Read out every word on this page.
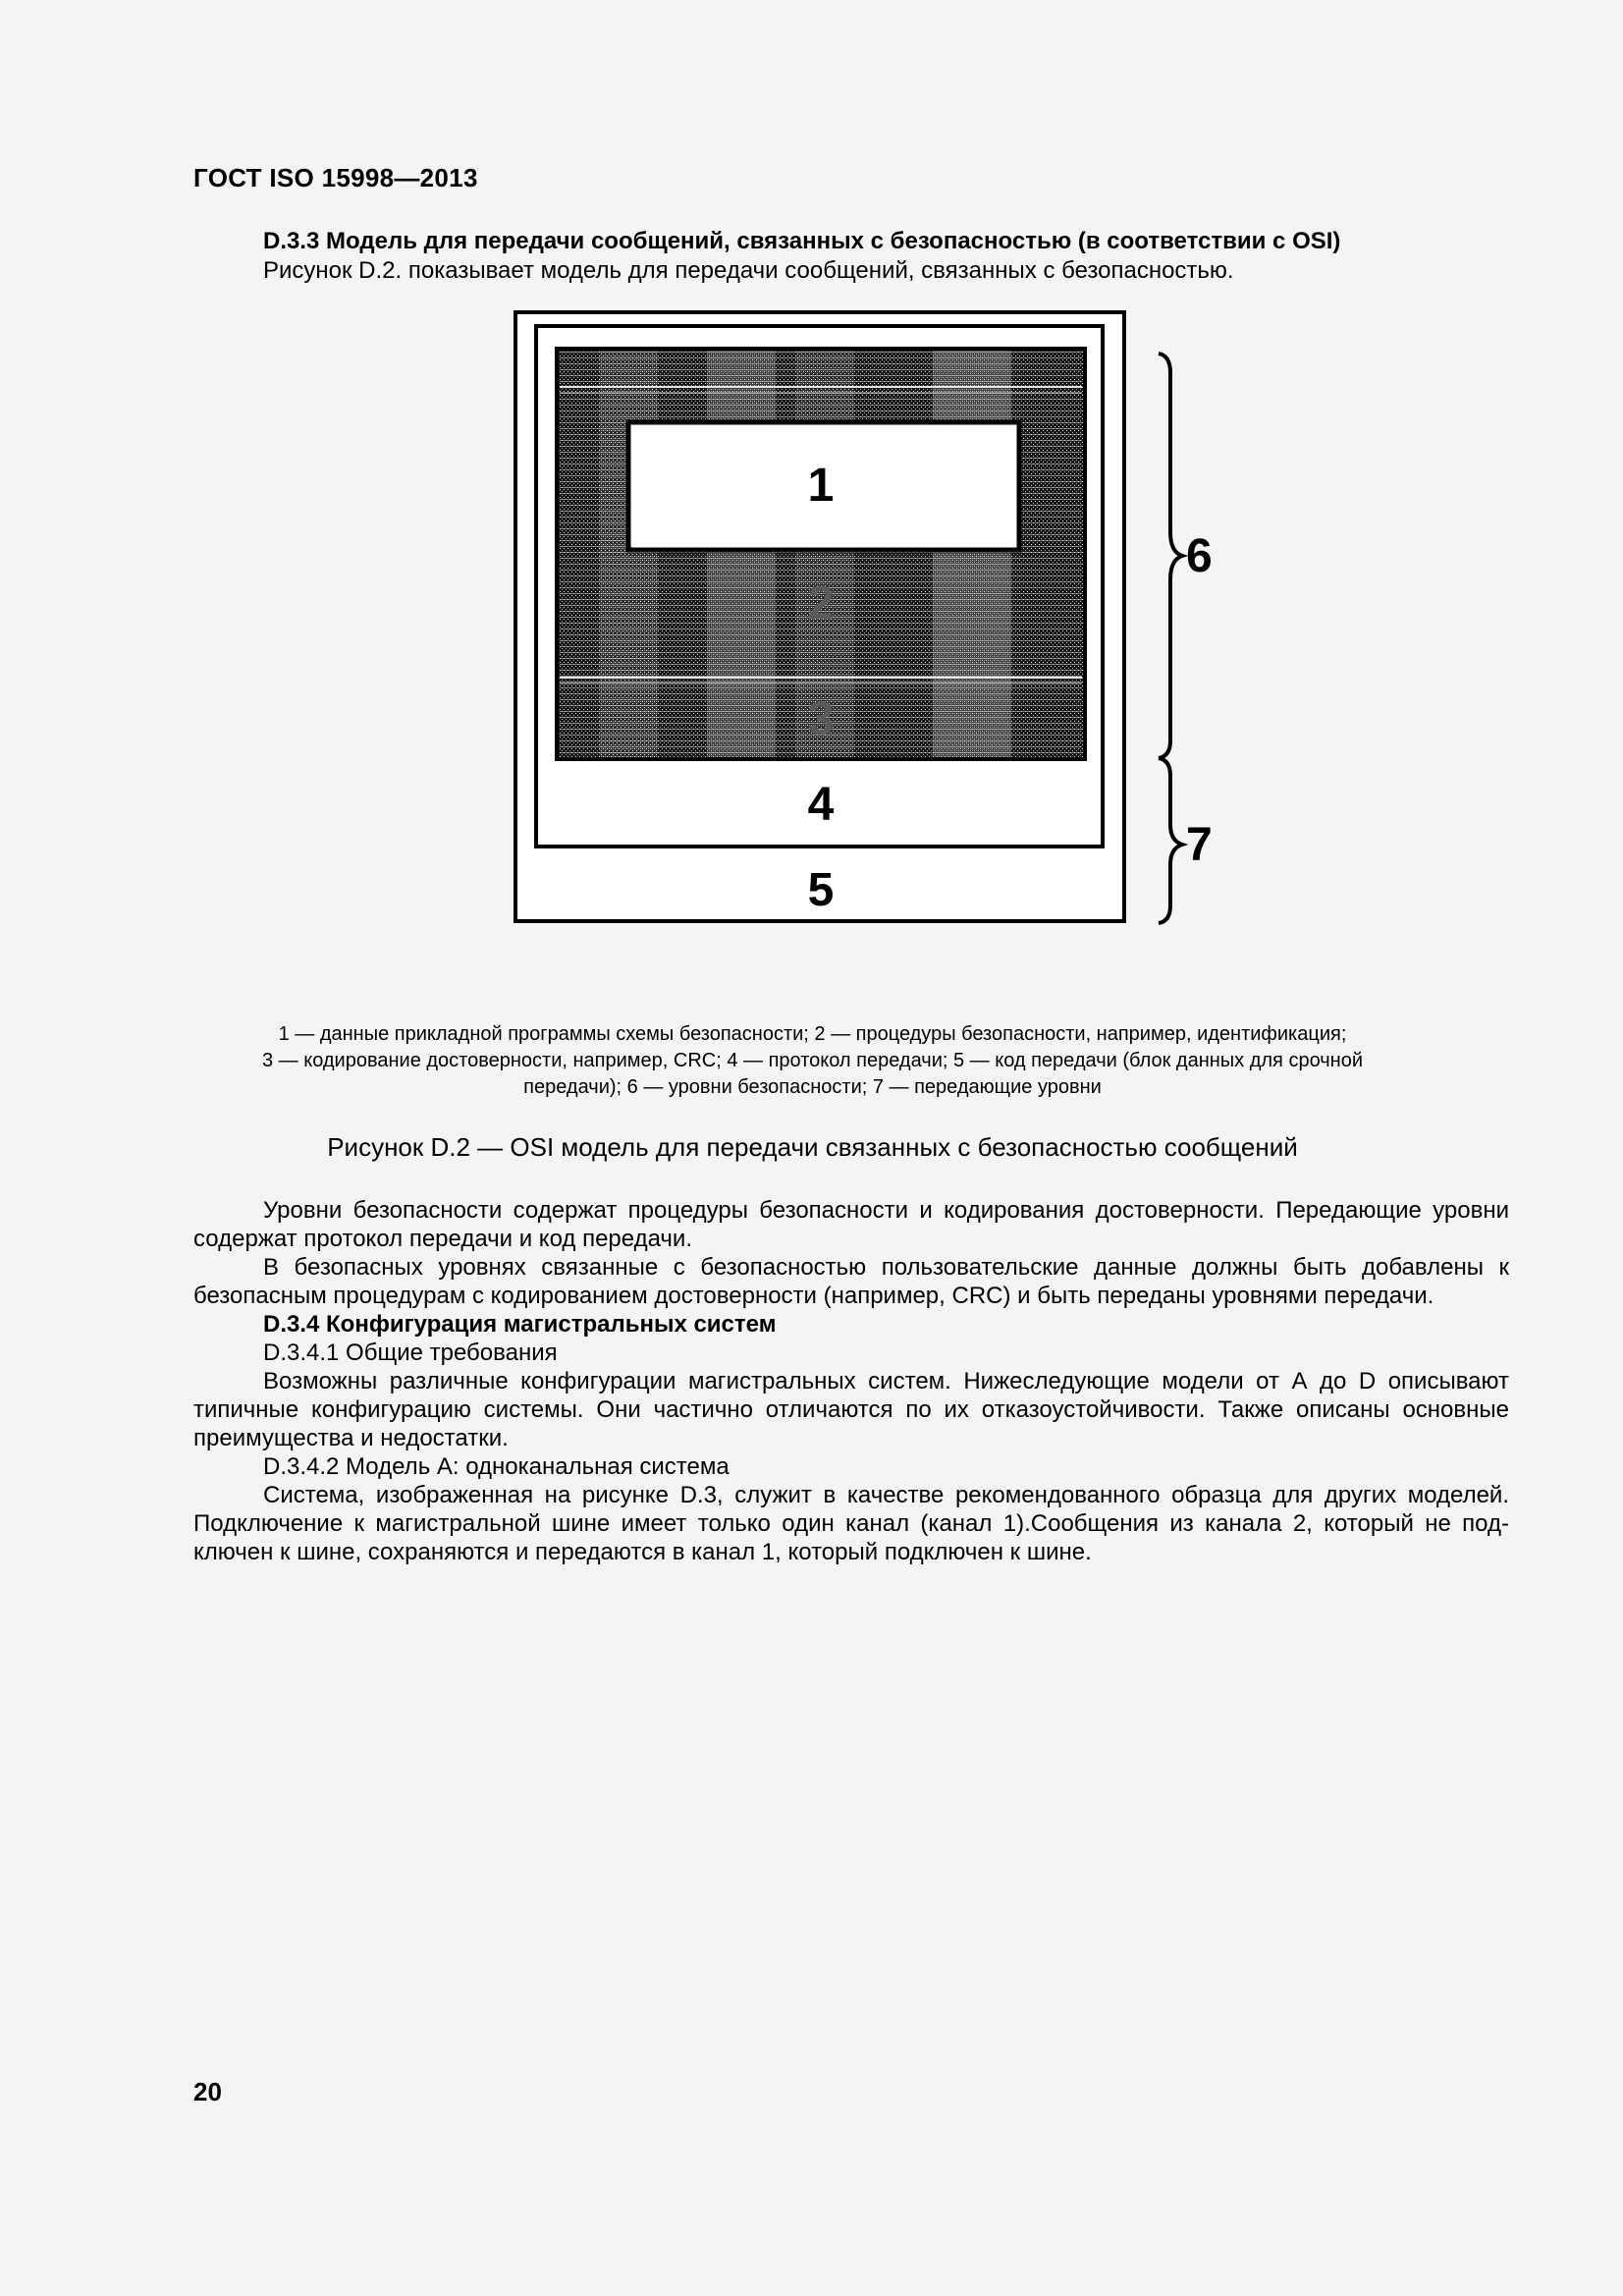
ГОСТ ISO 15998—2013
D.3.3 Модель для передачи сообщений, связанных с безопасностью (в соответствии с OSI)
Рисунок D.2. показывает модель для передачи сообщений, связанных с безопасностью.
1
2
3
4
5
6
7
1 — данные прикладной программы схемы безопасности; 2 — процедуры безопасности, например, идентификация;
3 — кодирование достоверности, например, CRC; 4 — протокол передачи; 5 — код передачи (блок данных для срочной
передачи); 6 — уровни безопасности; 7 — передающие уровни
Рисунок D.2 — OSI модель для передачи связанных с безопасностью сообщений

Уровни безопасности содержат процедуры безопасности и кодирования достоверности. Передающие уровни содержат протокол передачи и код передачи.

В безопасных уровнях связанные с безопасностью пользовательские данные должны быть добавлены к безопасным процедурам с кодированием достоверности (например, CRC) и быть переданы уровнями передачи.

D.3.4 Конфигурация магистральных систем
D.3.4.1 Общие требования

Возможны различные конфигурации магистральных систем. Нижеследующие модели от А до D описывают типичные конфигурацию системы. Они частично отличаются по их отказоустойчивости. Также описаны основные преимущества и недостатки.

D.3.4.2 Модель А: одноканальная система

Система, изображенная на рисунке D.3, служит в качестве рекомендованного образца для других моделей. Подключение к магистральной шине имеет только один канал (канал 1).Сообщения из канала 2, который не под-ключен к шине, сохраняются и передаются в канал 1, который подключен к шине.

20
